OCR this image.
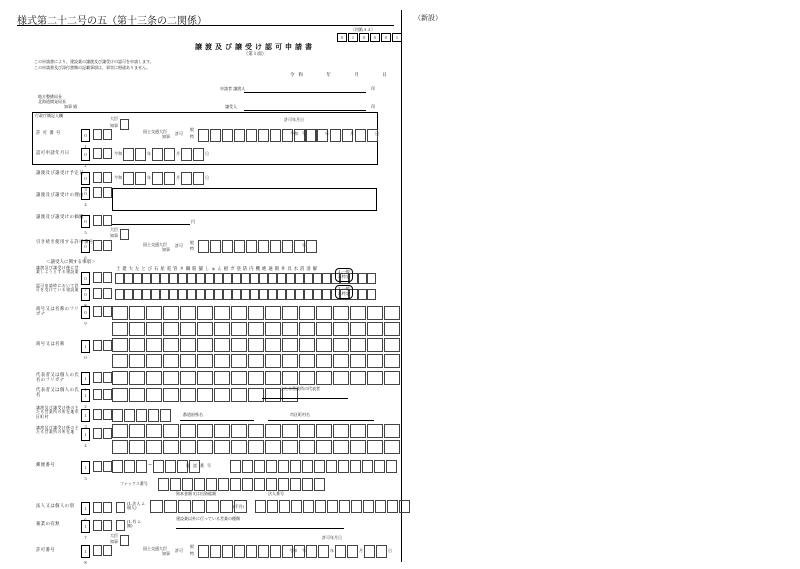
様式第二十二号の五（第十三条の二関係）	（新設）
（用紙Ａ４）
０	１	０	０	０	１
譲渡及び譲受け認可申請書
（第１面）
この申請書により、建設業の譲渡及び譲受けの認可を申請します。
この申請書及び添付書類の記載事項は、事実に相違ありません。
令和 年 月 日
地方整備局長
北海道開発局長
知事 殿
申請者 譲渡人	印
譲受人	印
行政庁側記入欄
許 可 番 号	０１
大臣
知事
国土交通大臣
知事
許可
般
特
号
許可年月日
令和	年	月	日
認可申請年月日	０２
令和	年	月	日
譲渡及び譲受け予定日
０３
令和	年	月	日
譲渡及び譲受けの理由 ０４
譲渡及び譲受けの価額
０５
円
引き続き使用する許可番号
０６
大臣
知事
国土交通大臣
知事
許可
般
特
号
＜譲受人に関する事項＞
譲渡及び譲受け後に営業しようとする建設業
０７
土建大左とび石屋電管タ鋼筋舗しゅん板ガ塗防内機絶通園井具水消清解	1.一般
2.特定
認可申請時において許可を受けている建設業
０８
1.一般
2.特定
商号又は名称のフリガナ	０９
商号又は名称	１０
代表者又は個人の氏名のフリガナ	１１
代表者又は個人の氏名	１２
主たる営業所の代表者
譲渡及び譲受け後の主たる営業所の所在地市区町村	１３
都道府県名	市区町村名
譲渡及び譲受け後の主たる営業所の所在地
１４
郵便番号	１５
−	電話番号
ファックス番号
法人又は個人の別	１６
(1.法人 2.個人)
資本金額又は出資総額
(千円)
法人番号
建設業以外に行っている営業の種類
兼業の有無	１７
(1.有 2.無)
許可番号	１８
大臣
知事
国土交通大臣
知事
許可
般
特
号
許可年月日
令和	年	月	日
